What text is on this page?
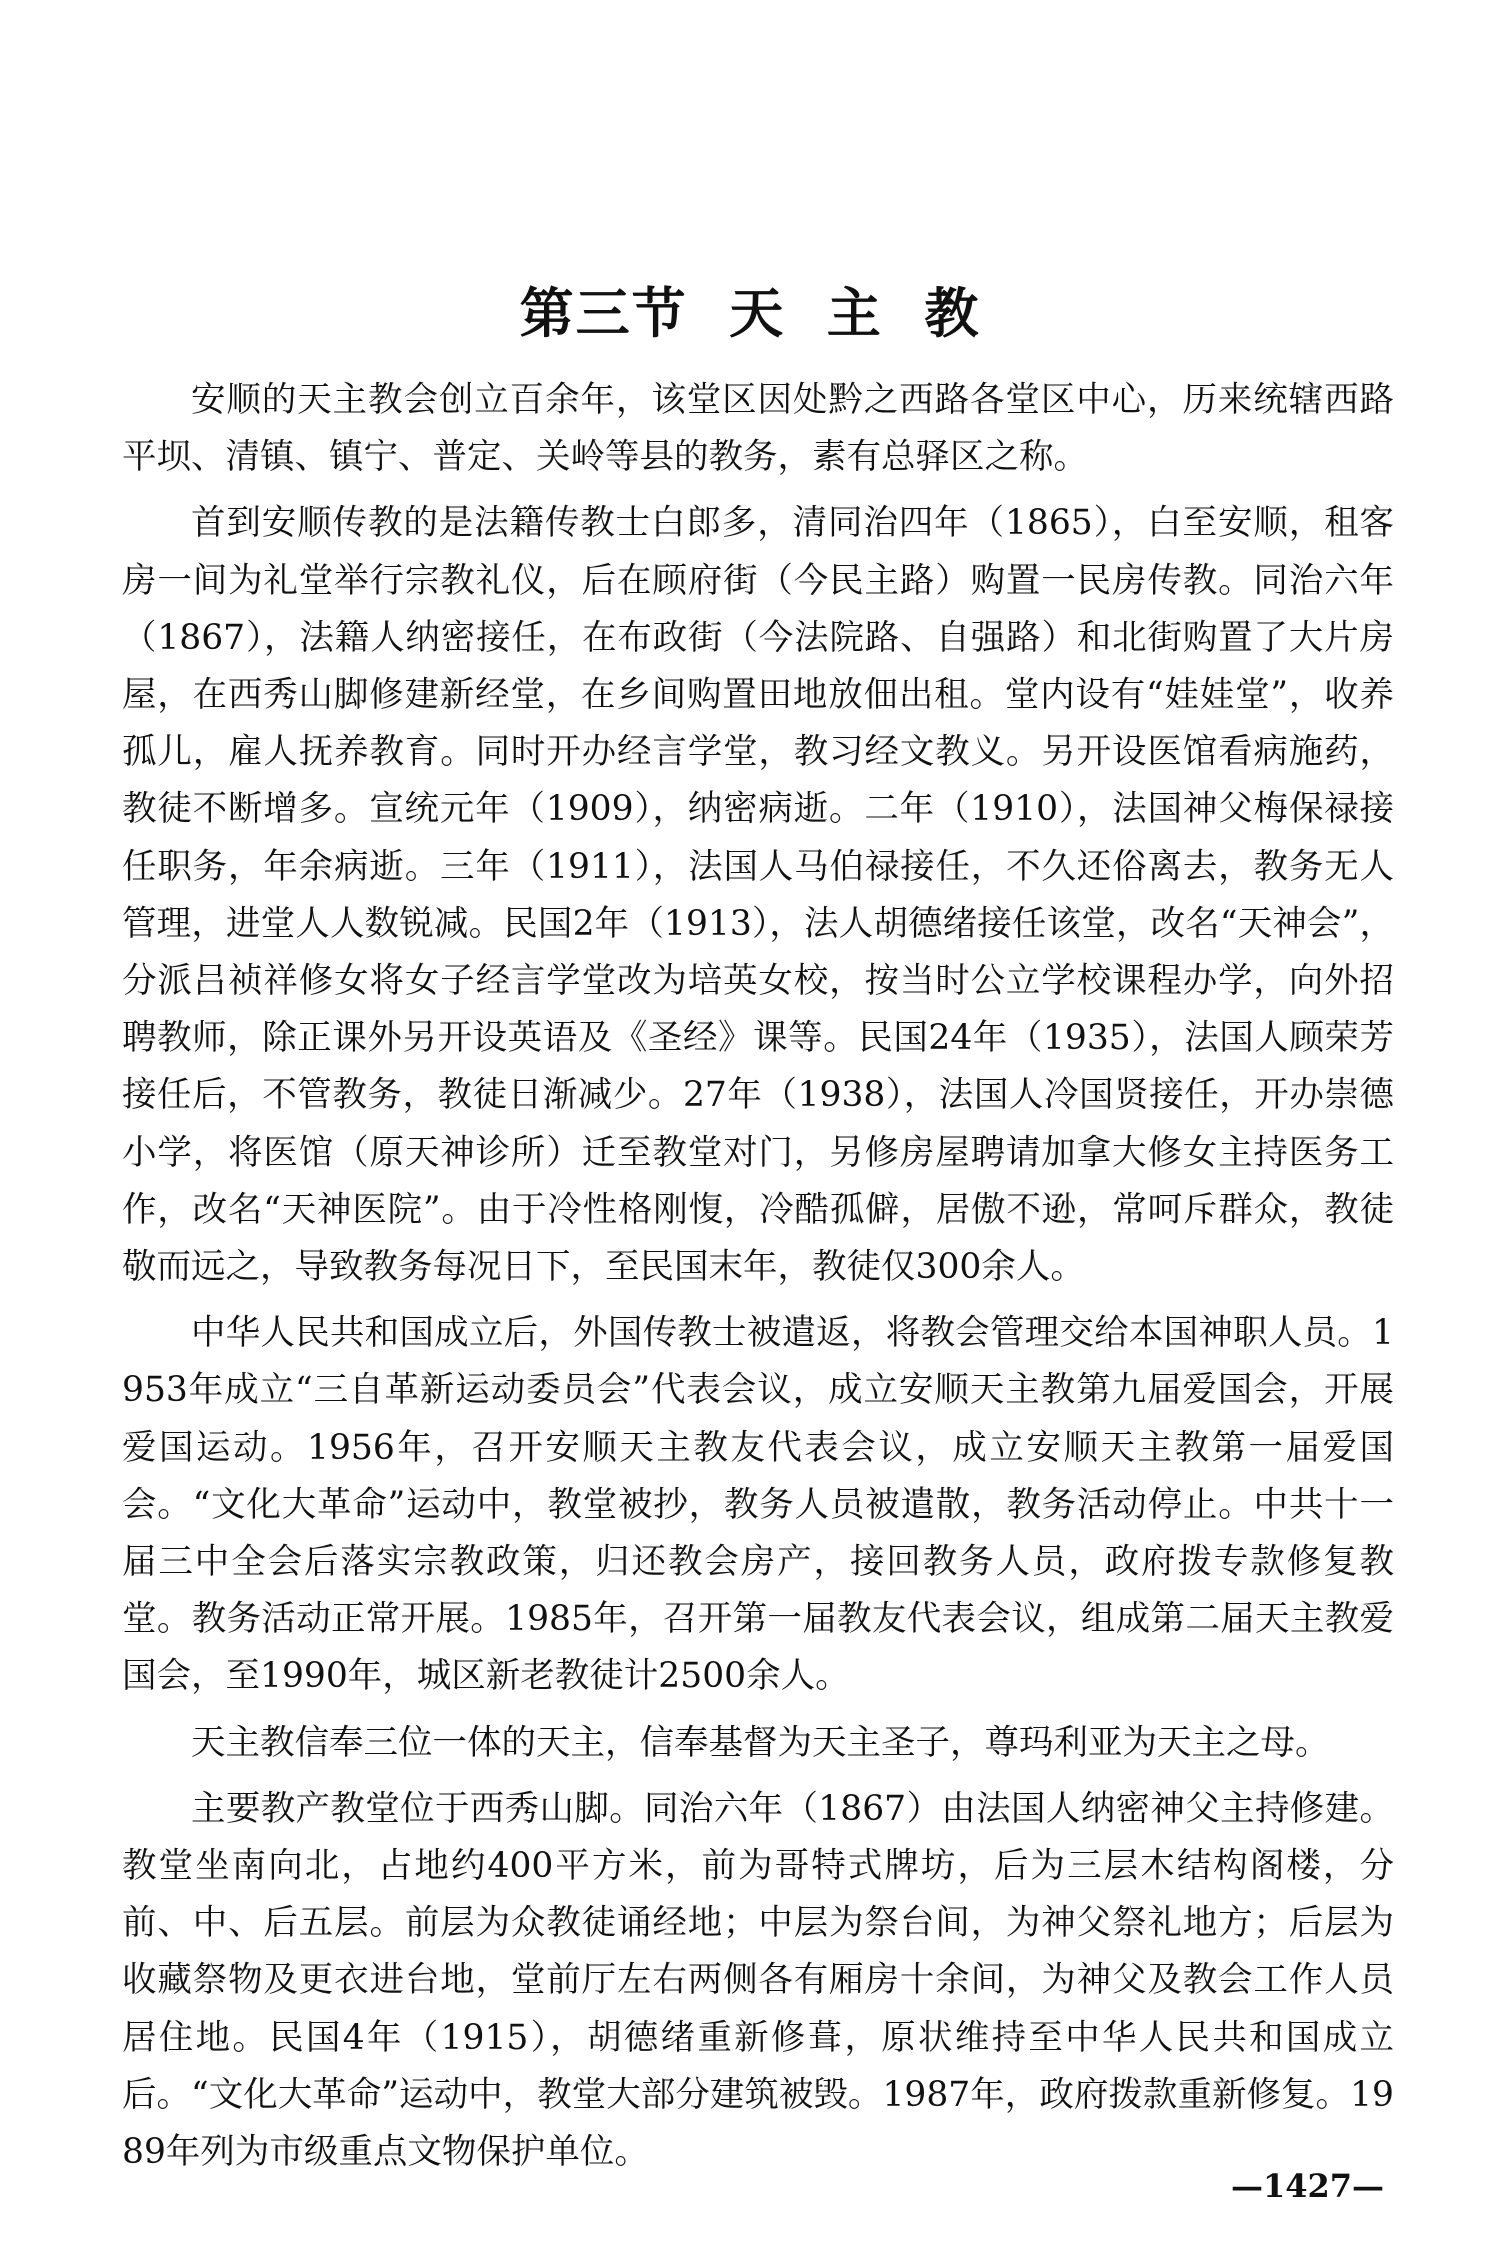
第三节  天  主  教

安顺的天主教会创立百余年，该堂区因处黔之西路各堂区中心，历来统辖西路平坝、清镇、镇宁、普定、关岭等县的教务，素有总驿区之称。

首到安顺传教的是法籍传教士白郎多，清同治四年（1865），白至安顺，租客房一间为礼堂举行宗教礼仪，后在顾府街（今民主路）购置一民房传教。同治六年（1867），法籍人纳密接任，在布政街（今法院路、自强路）和北街购置了大片房屋，在西秀山脚修建新经堂，在乡间购置田地放佃出租。堂内设有“娃娃堂”，收养孤儿，雇人抚养教育。同时开办经言学堂，教习经文教义。另开设医馆看病施药，教徒不断增多。宣统元年（1909），纳密病逝。二年（1910），法国神父梅保禄接任职务，年余病逝。三年（1911），法国人马伯禄接任，不久还俗离去，教务无人管理，进堂人人数锐减。民国2年（1913），法人胡德绪接任该堂，改名“天神会”，分派吕祯祥修女将女子经言学堂改为培英女校，按当时公立学校课程办学，向外招聘教师，除正课外另开设英语及《圣经》课等。民国24年（1935），法国人顾荣芳接任后，不管教务，教徒日渐减少。27年（1938），法国人冷国贤接任，开办崇德小学，将医馆（原天神诊所）迁至教堂对门，另修房屋聘请加拿大修女主持医务工作，改名“天神医院”。由于冷性格刚愎，冷酷孤僻，居傲不逊，常呵斥群众，教徒敬而远之，导致教务每况日下，至民国末年，教徒仅300余人。

中华人民共和国成立后，外国传教士被遣返，将教会管理交给本国神职人员。1953年成立“三自革新运动委员会”代表会议，成立安顺天主教第九届爱国会，开展爱国运动。1956年，召开安顺天主教友代表会议，成立安顺天主教第一届爱国会。“文化大革命”运动中，教堂被抄，教务人员被遣散，教务活动停止。中共十一届三中全会后落实宗教政策，归还教会房产，接回教务人员，政府拨专款修复教堂。教务活动正常开展。1985年，召开第一届教友代表会议，组成第二届天主教爱国会，至1990年，城区新老教徒计2500余人。

天主教信奉三位一体的天主，信奉基督为天主圣子，尊玛利亚为天主之母。

主要教产教堂位于西秀山脚。同治六年（1867）由法国人纳密神父主持修建。教堂坐南向北，占地约400平方米，前为哥特式牌坊，后为三层木结构阁楼，分前、中、后五层。前层为众教徒诵经地；中层为祭台间，为神父祭礼地方；后层为收藏祭物及更衣进台地，堂前厅左右两侧各有厢房十余间，为神父及教会工作人员居住地。民国4年（1915），胡德绪重新修葺，原状维持至中华人民共和国成立后。“文化大革命”运动中，教堂大部分建筑被毁。1987年，政府拨款重新修复。1989年列为市级重点文物保护单位。

—1427—
